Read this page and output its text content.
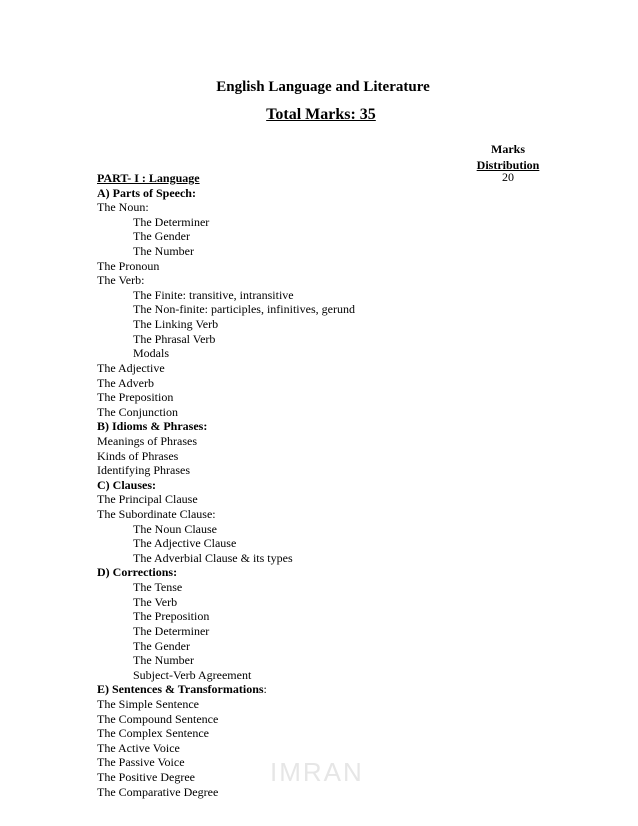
English Language and Literature
Total Marks: 35
Marks
Distribution
20
PART- I : Language
A) Parts of Speech:
The Noun:
The Determiner
The Gender
The Number
The Pronoun
The Verb:
The Finite: transitive, intransitive
The Non-finite: participles, infinitives, gerund
The Linking Verb
The Phrasal Verb
Modals
The Adjective
The Adverb
The Preposition
The Conjunction
B) Idioms & Phrases:
Meanings of Phrases
Kinds of Phrases
Identifying Phrases
C) Clauses:
The Principal Clause
The Subordinate Clause:
The Noun Clause
The Adjective Clause
The Adverbial Clause & its types
D) Corrections:
The Tense
The Verb
The Preposition
The Determiner
The Gender
The Number
Subject-Verb Agreement
E) Sentences & Transformations:
The Simple Sentence
The Compound Sentence
The Complex Sentence
The Active Voice
The Passive Voice
The Positive Degree
The Comparative Degree
IMRAN
